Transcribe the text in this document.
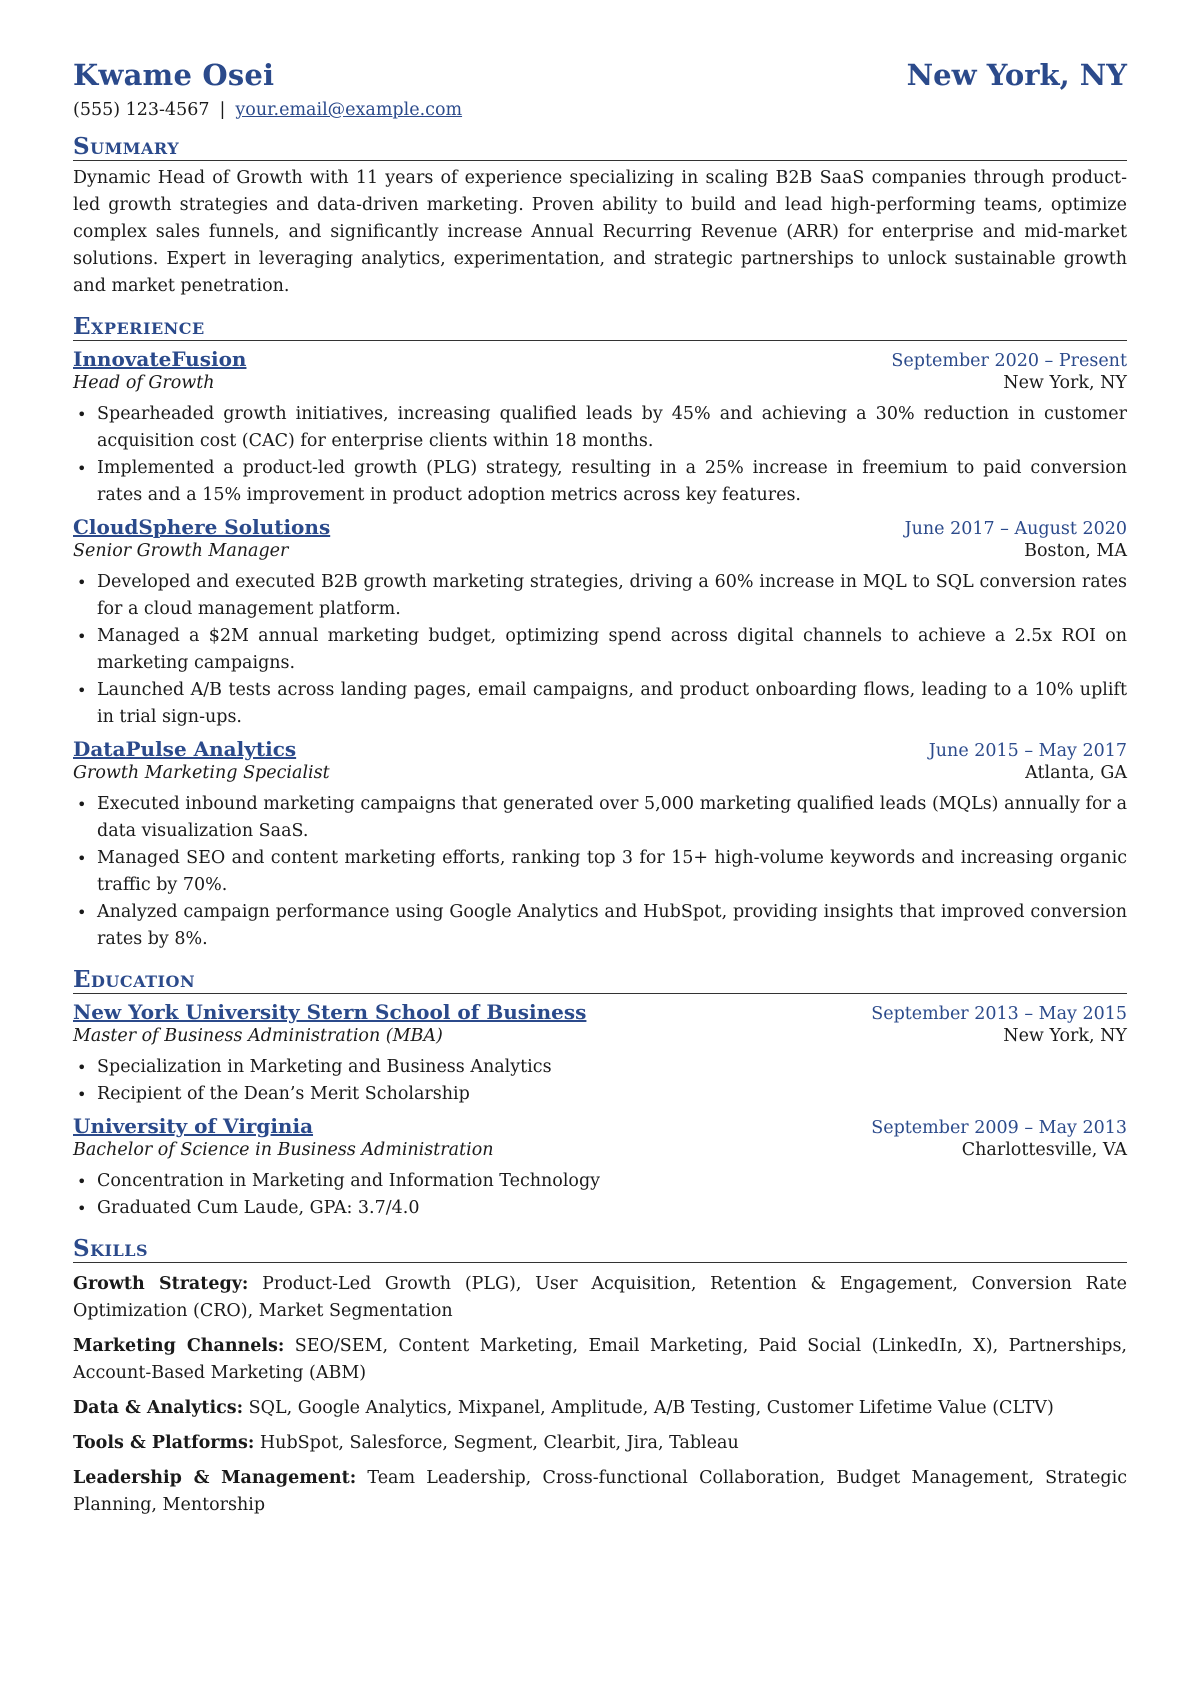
Kwame Osei	New York, NY
(555) 123-4567 | your.email@example.com
Summary
Dynamic Head of Growth with 11 years of experience specializing in scaling B2B SaaS companies through product-led growth strategies and data-driven marketing. Proven ability to build and lead high-performing teams, optimize complex sales funnels, and significantly increase Annual Recurring Revenue (ARR) for enterprise and mid-market solutions. Expert in leveraging analytics, experimentation, and strategic partnerships to unlock sustainable growth and market penetration.
Experience
InnovateFusion	September 2020 – Present
Head of Growth	New York, NY
• Spearheaded growth initiatives, increasing qualified leads by 45% and achieving a 30% reduction in customer acquisition cost (CAC) for enterprise clients within 18 months.
• Implemented a product-led growth (PLG) strategy, resulting in a 25% increase in freemium to paid conversion rates and a 15% improvement in product adoption metrics across key features.
CloudSphere Solutions	June 2017 – August 2020
Senior Growth Manager	Boston, MA
• Developed and executed B2B growth marketing strategies, driving a 60% increase in MQL to SQL conversion rates for a cloud management platform.
• Managed a $2M annual marketing budget, optimizing spend across digital channels to achieve a 2.5x ROI on marketing campaigns.
• Launched A/B tests across landing pages, email campaigns, and product onboarding flows, leading to a 10% uplift in trial sign-ups.
DataPulse Analytics	June 2015 – May 2017
Growth Marketing Specialist	Atlanta, GA
• Executed inbound marketing campaigns that generated over 5,000 marketing qualified leads (MQLs) annually for a data visualization SaaS.
• Managed SEO and content marketing efforts, ranking top 3 for 15+ high-volume keywords and increasing organic traffic by 70%.
• Analyzed campaign performance using Google Analytics and HubSpot, providing insights that improved conversion rates by 8%.
Education
New York University Stern School of Business	September 2013 – May 2015
Master of Business Administration (MBA)	New York, NY
• Specialization in Marketing and Business Analytics
• Recipient of the Dean’s Merit Scholarship
University of Virginia	September 2009 – May 2013
Bachelor of Science in Business Administration	Charlottesville, VA
• Concentration in Marketing and Information Technology
• Graduated Cum Laude, GPA: 3.7/4.0
Skills
Growth Strategy: Product-Led Growth (PLG), User Acquisition, Retention & Engagement, Conversion Rate Optimization (CRO), Market Segmentation
Marketing Channels: SEO/SEM, Content Marketing, Email Marketing, Paid Social (LinkedIn, X), Partnerships, Account-Based Marketing (ABM)
Data & Analytics: SQL, Google Analytics, Mixpanel, Amplitude, A/B Testing, Customer Lifetime Value (CLTV)
Tools & Platforms: HubSpot, Salesforce, Segment, Clearbit, Jira, Tableau
Leadership & Management: Team Leadership, Cross-functional Collaboration, Budget Management, Strategic Planning, Mentorship
